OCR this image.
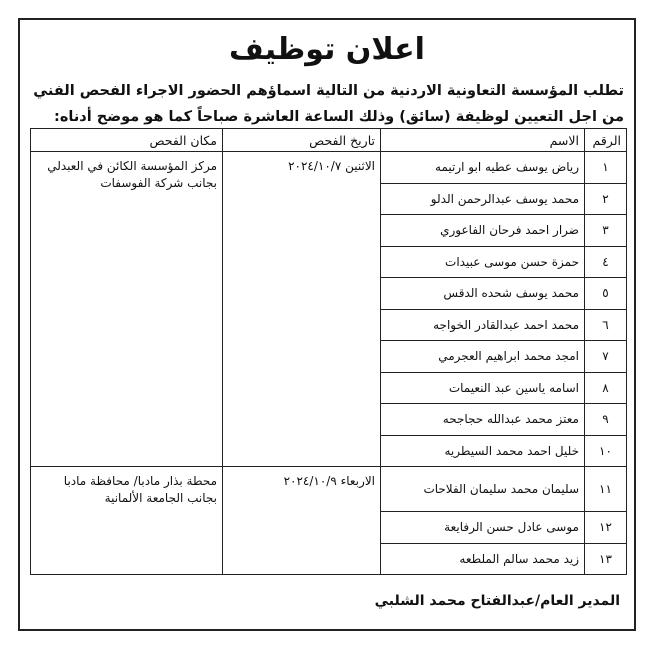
اعلان توظيف
تطلب المؤسسة التعاونية الاردنية من التالية اسماؤهم الحضور الاجراء الفحص الفني من اجل التعيين لوظيفة (سائق) وذلك الساعة العاشرة صباحاً كما هو موضح أدناه:
الرقم	الاسم	تاريخ الفحص	مكان الفحص
١	رياض يوسف عطيه ابو ارتيمه	الاثنين ٢٠٢٤/١٠/٧	مركز المؤسسة الكائن في العبدلي بجانب شركة الفوسفات
٢	محمد يوسف عبدالرحمن الدلو		
٣	ضرار احمد فرحان الفاعوري		
٤	حمزة حسن موسى عبيدات		
٥	محمد يوسف شحده الدقس		
٦	محمد احمد عبدالقادر الخواجه		
٧	امجد محمد ابراهيم العجرمي		
٨	اسامه ياسين عبد النعيمات		
٩	معتز محمد عبدالله حجاجحه		
١٠	خليل احمد محمد السيطريه		
١١	سليمان محمد سليمان الفلاحات	الاربعاء ٢٠٢٤/١٠/٩	محطة بذار مادبا/ محافظة مادبا بجانب الجامعة الألمانية
١٢	موسى عادل حسن الرفايعة		
١٣	زيد محمد سالم الملطعه		
المدير العام/عبدالفتاح محمد الشلبي
